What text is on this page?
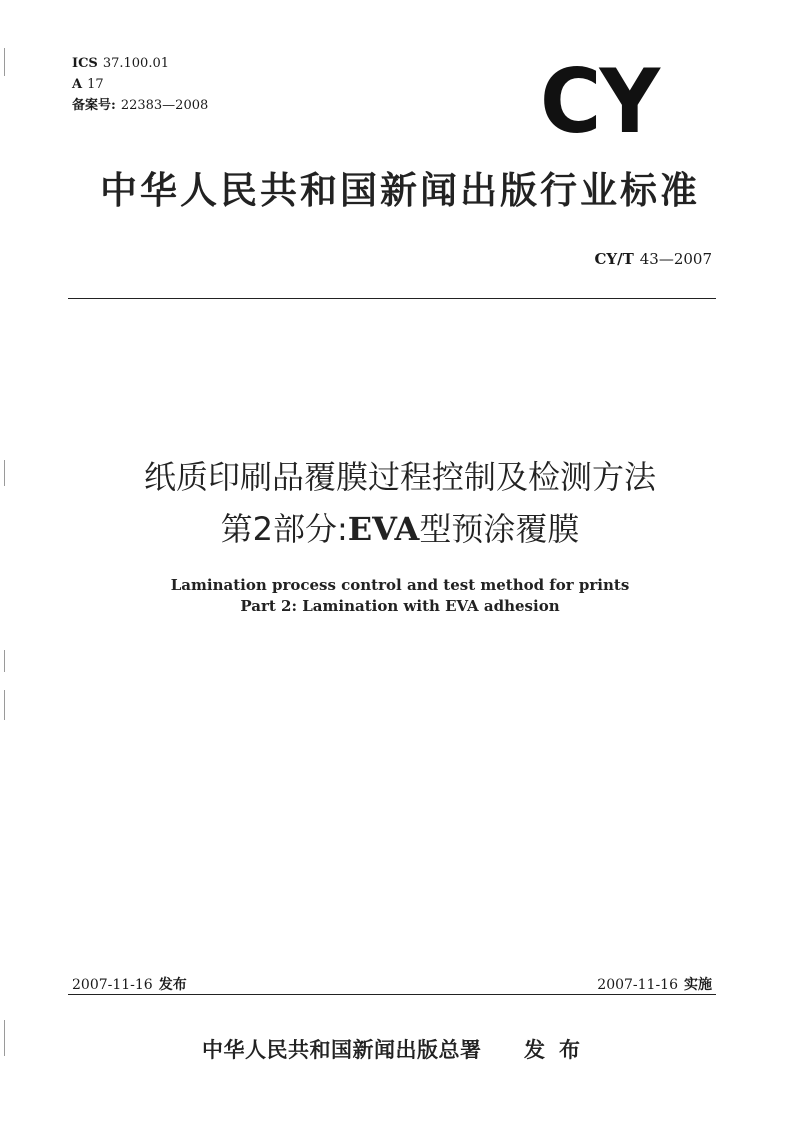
ICS 37.100.01
A 17
备案号: 22383—2008	CY
中华人民共和国新闻出版行业标准
CY/T 43—2007
纸质印刷品覆膜过程控制及检测方法
第2部分:EVA型预涂覆膜
Lamination process control and test method for prints
Part 2: Lamination with EVA adhesion
2007-11-16 发布	2007-11-16 实施
中华人民共和国新闻出版总署 发布
